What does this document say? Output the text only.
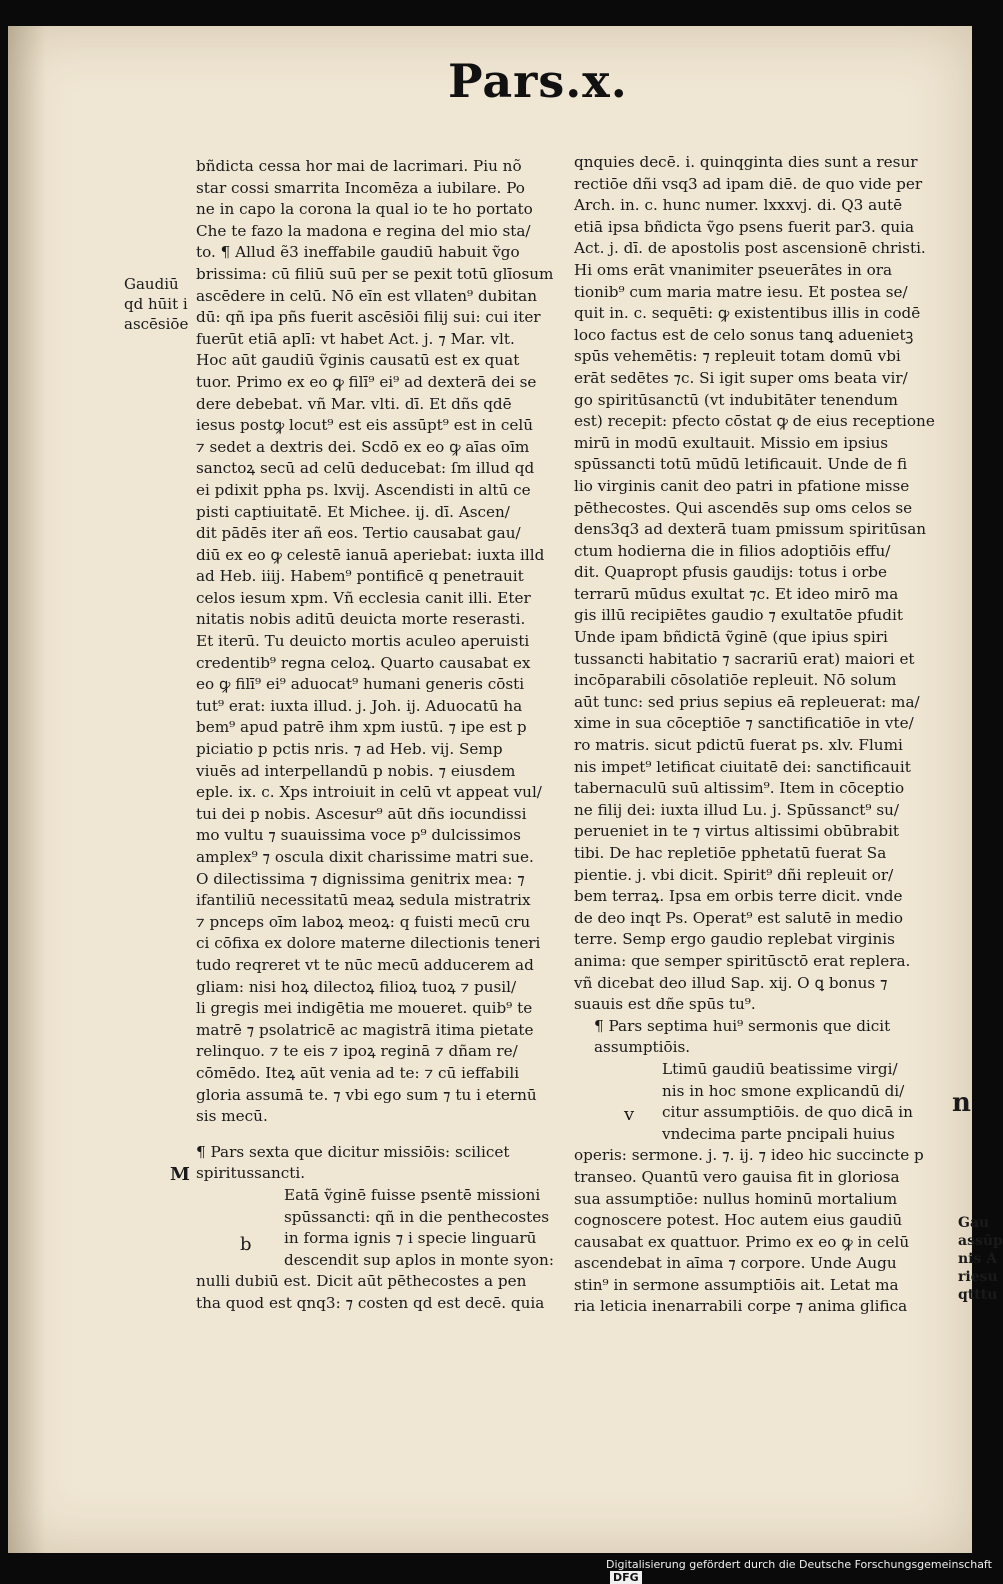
Pars.x.

Gaudiū

qd hūit i

ascēsiōe

M
b
v	n

bñdicta cessa hor mai de lacrimari. Piu nõ

star cossi smarrita Incomēza a iubilare. Po

ne in capo la corona la qual io te ho portato

Che te fazo la madona e regina del mio sta/

to. ¶ Allud ẽ3 ineffabile gaudiū habuit ṽgo

brissima: cū filiū suū per se pexit totū glīosum

ascēdere in celū. Nō eīn est vllaten⁹ dubitan

dū: qñ ipa pñs fuerit ascēsiōi filij sui: cui iter

fuerūt etiā aplī: vt habet Act. j. ⁊ Mar. vlt.

Hoc aūt gaudiū ṽginis causatū est ex quat

tuor. Primo ex eo ꝙ filī⁹ ei⁹ ad dexterā dei se

dere debebat. vñ Mar. vlti. dī. Et dñs qdē

iesus postꝙ locut⁹ est eis assūpt⁹ est in celū

⁊ sedet a dextris dei. Scdō ex eo ꝙ aīas oīm

sanctoꝝ secū ad celū deducebat: ſm illud qd

ei pdixit ppha ps. lxvij. Ascendisti in altū ce

pisti captiuitatē. Et Michee. ij. dī. Ascen/

dit pādēs iter añ eos. Tertio causabat gau/

diū ex eo ꝙ celestē ianuā aperiebat: iuxta illd

ad Heb. iiij. Habem⁹ pontificē q penetrauit

celos iesum xpm. Vñ ecclesia canit illi. Eter

nitatis nobis aditū deuicta morte reserasti.

Et iterū. Tu deuicto mortis aculeo aperuisti

credentib⁹ regna celoꝝ. Quarto causabat ex

eo ꝙ filī⁹ ei⁹ aduocat⁹ humani generis cōsti

tut⁹ erat: iuxta illud. j. Joh. ij. Aduocatū ha

bem⁹ apud patrē ihm xpm iustū. ⁊ ipe est p

piciatio p pctis nris. ⁊ ad Heb. vij. Semp

viuēs ad interpellandū p nobis. ⁊ eiusdem

eple. ix. c. Xps introiuit in celū vt appeat vul/

tui dei p nobis. Ascesur⁹ aūt dñs iocundissi

mo vultu ⁊ suauissima voce p⁹ dulcissimos

amplex⁹ ⁊ oscula dixit charissime matri sue.

O dilectissima ⁊ dignissima genitrix mea: ⁊

ifantiliū necessitatū meaꝝ sedula mistratrix

⁊ pnceps oīm laboꝝ meoꝝ: q fuisti mecū cru

ci cōfixa ex dolore materne dilectionis teneri

tudo reqreret vt te nūc mecū adducerem ad

gliam: nisi hoꝝ dilectoꝝ filioꝝ tuoꝝ ⁊ pusil/

li gregis mei indigētia me moueret. quib⁹ te

matrē ⁊ psolatricē ac magistrā itima pietate

relinquo. ⁊ te eis ⁊ ipoꝝ reginā ⁊ dñam re/

cōmēdo. Iteꝝ aūt venia ad te: ⁊ cū ieffabili

gloria assumā te. ⁊ vbi ego sum ⁊ tu i eternū

sis mecū.

¶ Pars sexta que dicitur missiōis: scilicet

spiritussancti.

Eatā ṽginē fuisse psentē missioni

spūssancti: qñ in die penthecostes

in forma ignis ⁊ i specie linguarū

descendit sup aplos in monte syon:

nulli dubiū est. Dicit aūt pēthecostes a pen

tha quod est qnq3: ⁊ costen qd est decē. quia

qnquies decē. i. quinqginta dies sunt a resur

rectiōe dñi vsq3 ad ipam diē. de quo vide per

Arch. in. c. hunc numer. lxxxvj. di. Q3 autē

etiā ipsa bñdicta ṽgo psens fuerit par3. quia

Act. j. dī. de apostolis post ascensionē christi.

Hi oms erāt vnanimiter pseuerātes in ora

tionib⁹ cum maria matre iesu. Et postea se/

quit in. c. sequēti: ꝙ existentibus illis in codē

loco factus est de celo sonus tanꝗ aduenietꝫ

spūs vehemētis: ⁊ repleuit totam domū vbi

erāt sedētes ⁊c. Si igit super oms beata vir/

go spiritūsanctū (vt indubitāter tenendum

est) recepit: pfecto cōstat ꝙ de eius receptione

mirū in modū exultauit. Missio em ipsius

spūssancti totū mūdū letificauit. Unde de fi

lio virginis canit deo patri in pfatione misse

pēthecostes. Qui ascendēs sup oms celos se

dens3q3 ad dexterā tuam pmissum spiritūsan

ctum hodierna die in filios adoptiōis effu/

dit. Quapropt pfusis gaudijs: totus i orbe

terrarū mūdus exultat ⁊c. Et ideo mirō ma

gis illū recipiētes gaudio ⁊ exultatōe pfudit

Unde ipam bñdictā ṽginē (que ipius spiri

tussancti habitatio ⁊ sacrariū erat) maiori et

incōparabili cōsolatiōe repleuit. Nō solum

aūt tunc: sed prius sepius eā repleuerat: ma/

xime in sua cōceptiōe ⁊ sanctificatiōe in vte/

ro matris. sicut pdictū fuerat ps. xlv. Flumi

nis impet⁹ letificat ciuitatē dei: sanctificauit

tabernaculū suū altissim⁹. Item in cōceptio

ne filij dei: iuxta illud Lu. j. Spūssanct⁹ su/

perueniet in te ⁊ virtus altissimi obūbrabit

tibi. De hac repletiōe pphetatū fuerat Sa

pientie. j. vbi dicit. Spirit⁹ dñi repleuit or/

bem terraꝝ. Ipsa em orbis terre dicit. vnde

de deo inqt Ps. Operat⁹ est salutē in medio

terre. Semp ergo gaudio replebat virginis

anima: que semper spiritūsctō erat replera.

vñ dicebat deo illud Sap. xij. O ꝗ bonus ⁊

suauis est dñe spūs tu⁹.

¶ Pars septima hui⁹ sermonis que dicit

assumptiōis.

Ltimū gaudiū beatissime virgi/

nis in hoc smone explicandū di/

citur assumptiōis. de quo dicā in

vndecima parte pncipali huius

operis: sermone. j. ⁊. ij. ⁊ ideo hic succincte p

transeo. Quantū vero gauisa fit in gloriosa

sua assumptiōe: nullus hominū mortalium

cognoscere potest. Hoc autem eius gaudiū

causabat ex quattuor. Primo ex eo ꝙ in celū

ascendebat in aīma ⁊ corpore. Unde Augu

stin⁹ in sermone assumptiōis ait. Letat ma

ria leticia inenarrabili corpe ⁊ anima glifica

Gau

assūp

nis A

riesu

qtttu

Digitalisierung gefördert durch die Deutsche ForschungsgemeinschaftDFG
